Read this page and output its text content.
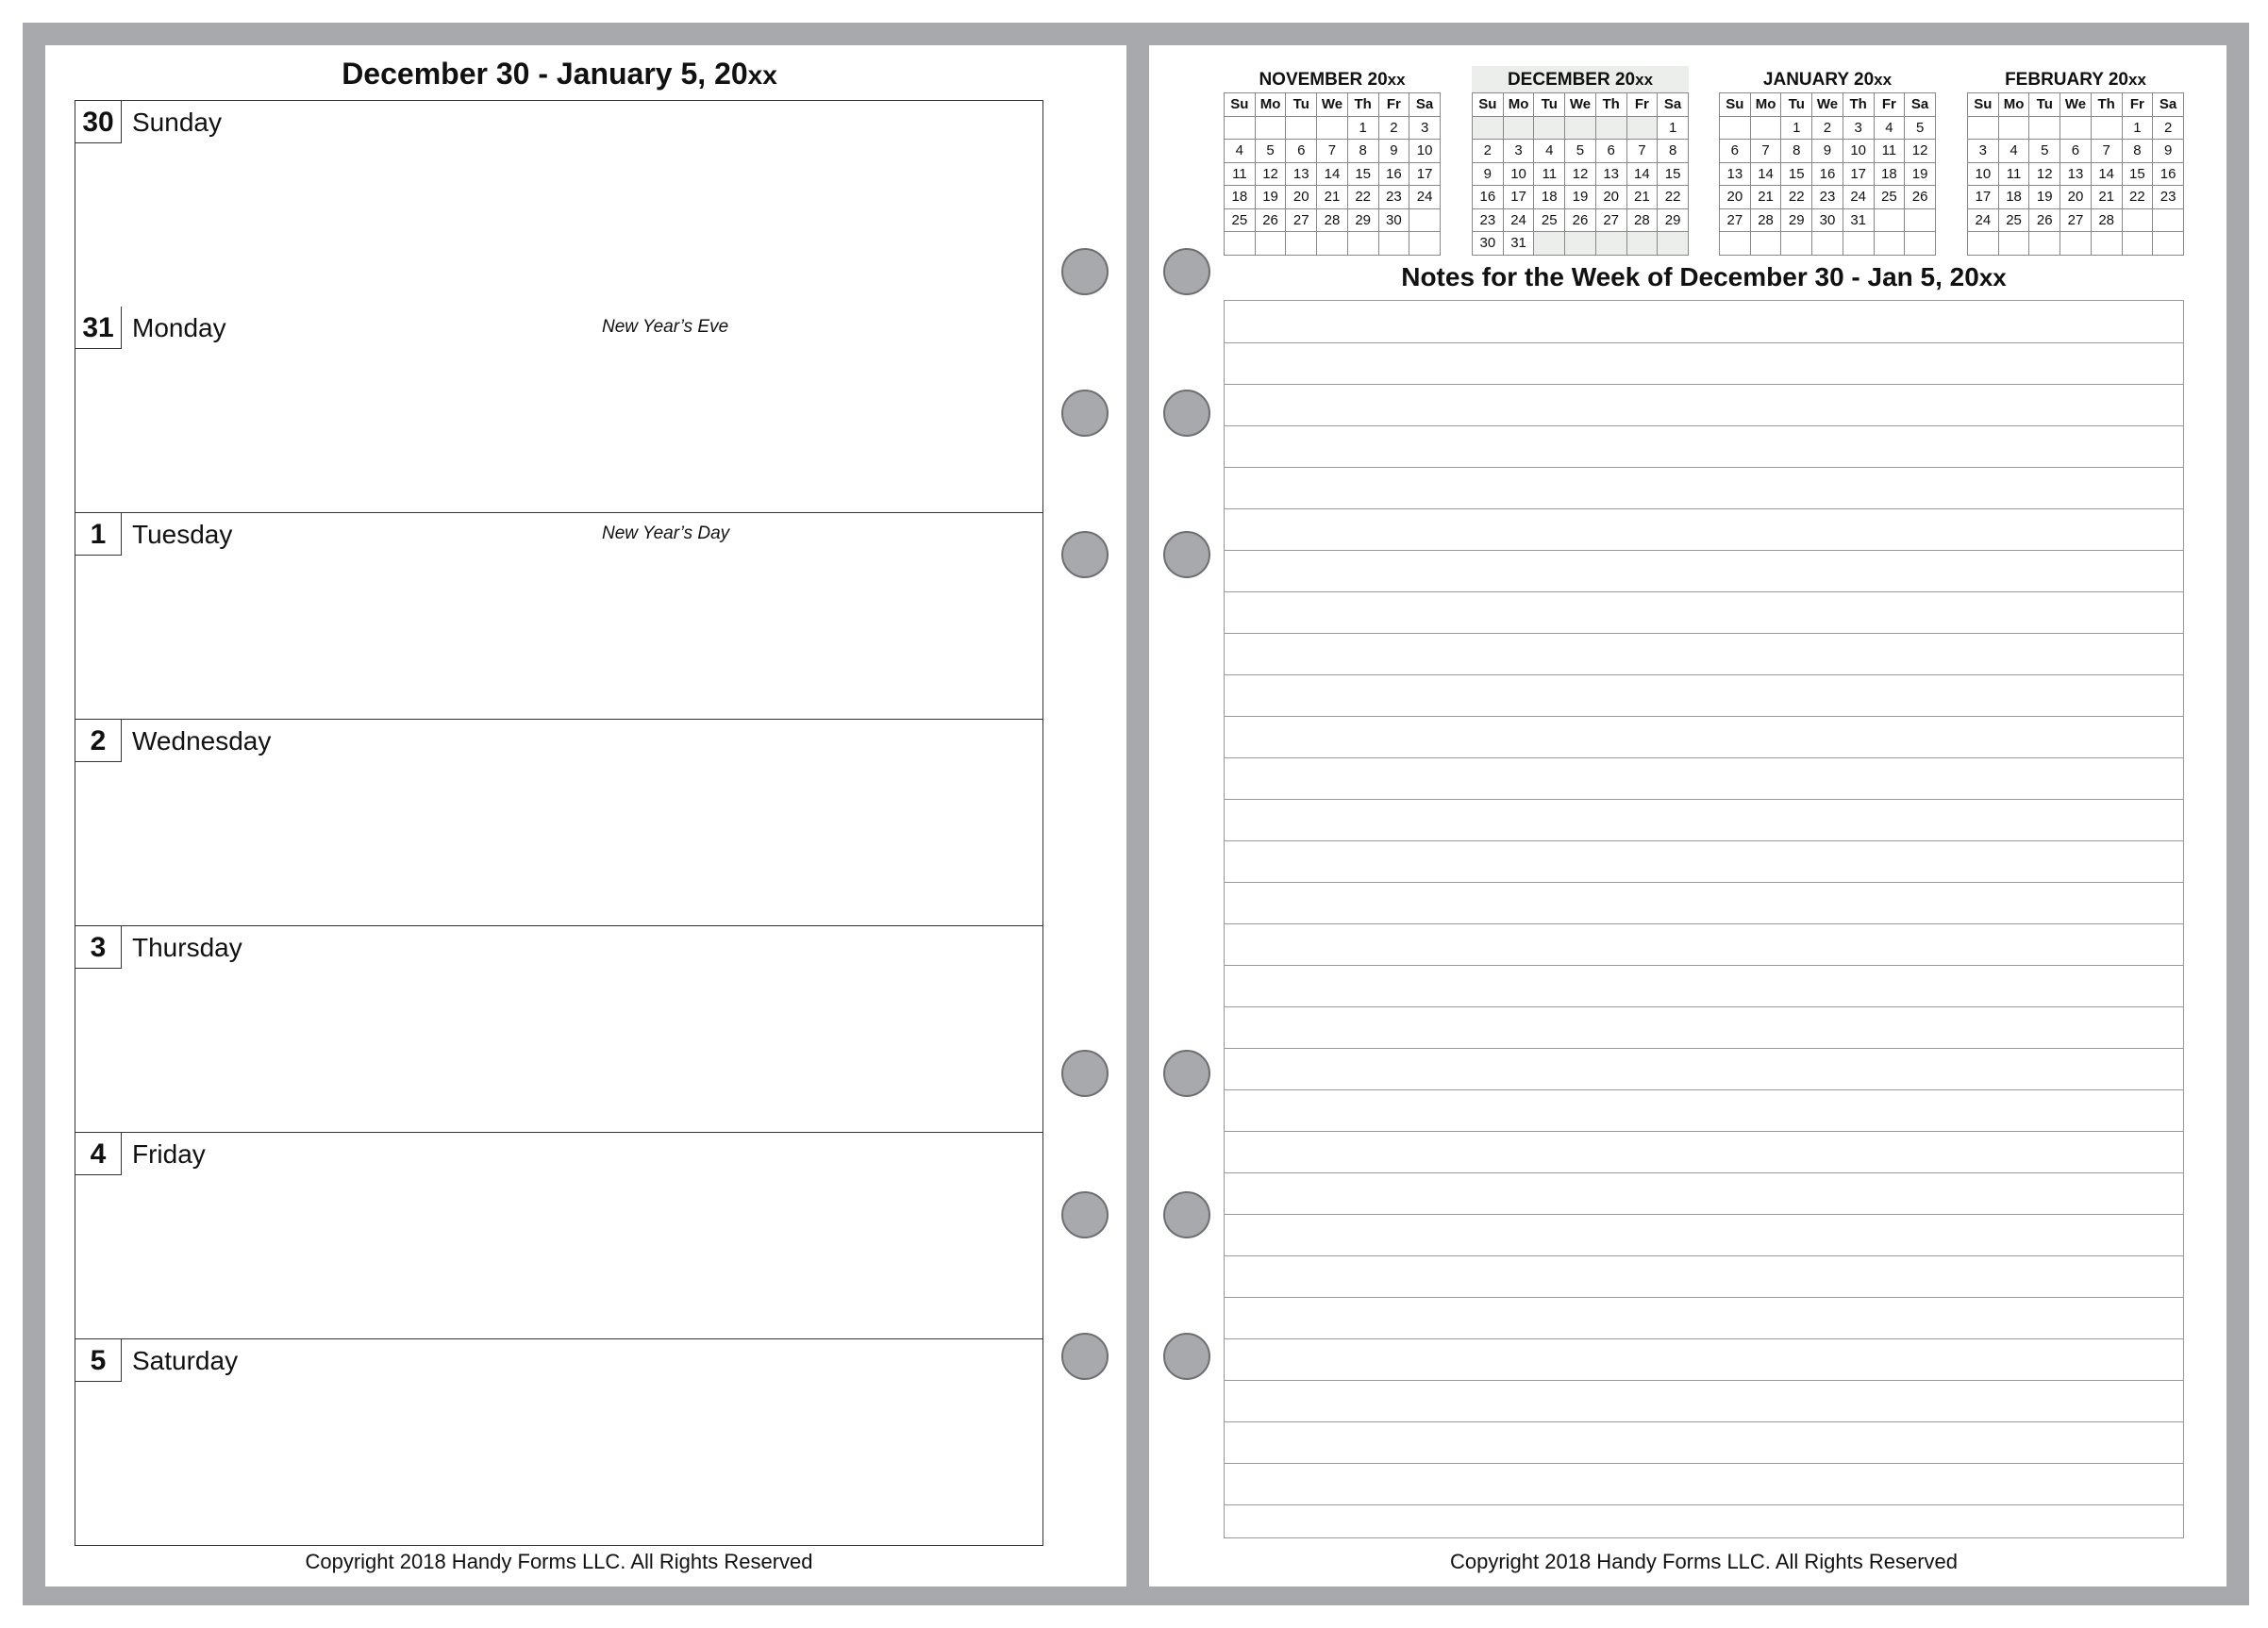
December 30 - January 5, 20xx
30 Sunday
31 Monday	New Year’s Eve
1 Tuesday	New Year’s Day
2 Wednesday
3 Thursday
4 Friday
5 Saturday
Copyright 2018 Handy Forms LLC. All Rights Reserved
NOVEMBER 20xx
Su	Mo	Tu	We	Th	Fr	Sa
				1	2	3
4	5	6	7	8	9	10
11	12	13	14	15	16	17
18	19	20	21	22	23	24
25	26	27	28	29	30	

DECEMBER 20xx
Su	Mo	Tu	We	Th	Fr	Sa
						1
2	3	4	5	6	7	8
9	10	11	12	13	14	15
16	17	18	19	20	21	22
23	24	25	26	27	28	29
30	31					
JANUARY 20xx
Su	Mo	Tu	We	Th	Fr	Sa
		1	2	3	4	5
6	7	8	9	10	11	12
13	14	15	16	17	18	19
20	21	22	23	24	25	26
27	28	29	30	31		

FEBRUARY 20xx
Su	Mo	Tu	We	Th	Fr	Sa
					1	2
3	4	5	6	7	8	9
10	11	12	13	14	15	16
17	18	19	20	21	22	23
24	25	26	27	28		

Notes for the Week of December 30 - Jan 5, 20xx
Copyright 2018 Handy Forms LLC. All Rights Reserved
